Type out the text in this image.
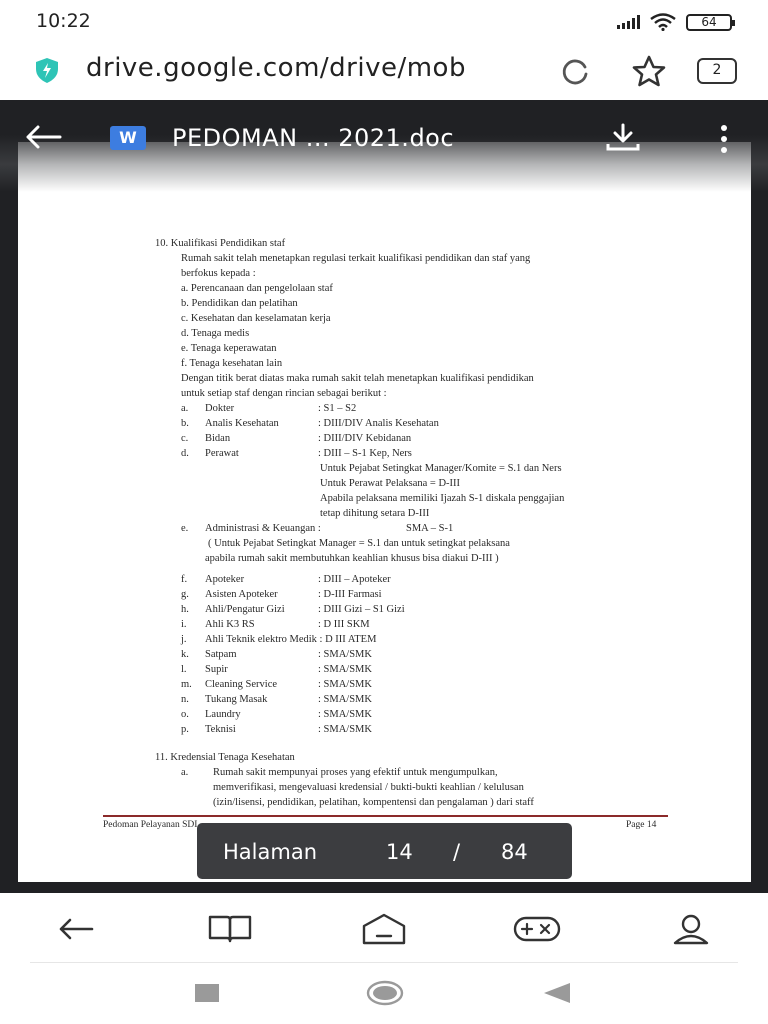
10:22	64
drive.google.com/drive/mob	2
10. Kualifikasi Pendidikan staf
Rumah sakit telah menetapkan regulasi terkait kualifikasi pendidikan dan staf yang
berfokus kepada :
a. Perencanaan dan pengelolaan staf
b. Pendidikan dan pelatihan
c. Kesehatan dan keselamatan kerja
d. Tenaga medis
e. Tenaga keperawatan
f. Tenaga kesehatan lain
Dengan titik berat diatas maka rumah sakit telah menetapkan kualifikasi pendidikan
untuk setiap staf dengan rincian sebagai berikut :
a. Dokter	: S1 – S2
b. Analis Kesehatan	: DIII/DIV Analis Kesehatan
c. Bidan	: DIII/DIV Kebidanan
d. Perawat	: DIII – S-1 Kep, Ners
Untuk Pejabat Setingkat Manager/Komite = S.1 dan Ners
Untuk Perawat Pelaksana = D-III
Apabila pelaksana memiliki Ijazah S-1 diskala penggajian
tetap dihitung setara D-III
e. Administrasi & Keuangan :	SMA – S-1
( Untuk Pejabat Setingkat Manager = S.1 dan untuk setingkat pelaksana
apabila rumah sakit membutuhkan keahlian khusus bisa diakui D-III )
f. Apoteker	: DIII – Apoteker
g. Asisten Apoteker	: D-III Farmasi
h. Ahli/Pengatur Gizi	: DIII Gizi – S1 Gizi
i. Ahli K3 RS	: D III SKM
j. Ahli Teknik elektro Medik : D III ATEM
k. Satpam	: SMA/SMK
l. Supir	: SMA/SMK
m. Cleaning Service	: SMA/SMK
n. Tukang Masak	: SMA/SMK
o. Laundry	: SMA/SMK
p. Teknisi	: SMA/SMK
11. Kredensial Tenaga Kesehatan
a. Rumah sakit mempunyai proses yang efektif untuk mengumpulkan,
memverifikasi, mengevaluasi kredensial / bukti-bukti keahlian / kelulusan
(izin/lisensi, pendidikan, pelatihan, kompentensi dan pengalaman ) dari staff
Pedoman Pelayanan SDI	Page 14
W	PEDOMAN ... 2021.doc
Halaman	14 / 84
